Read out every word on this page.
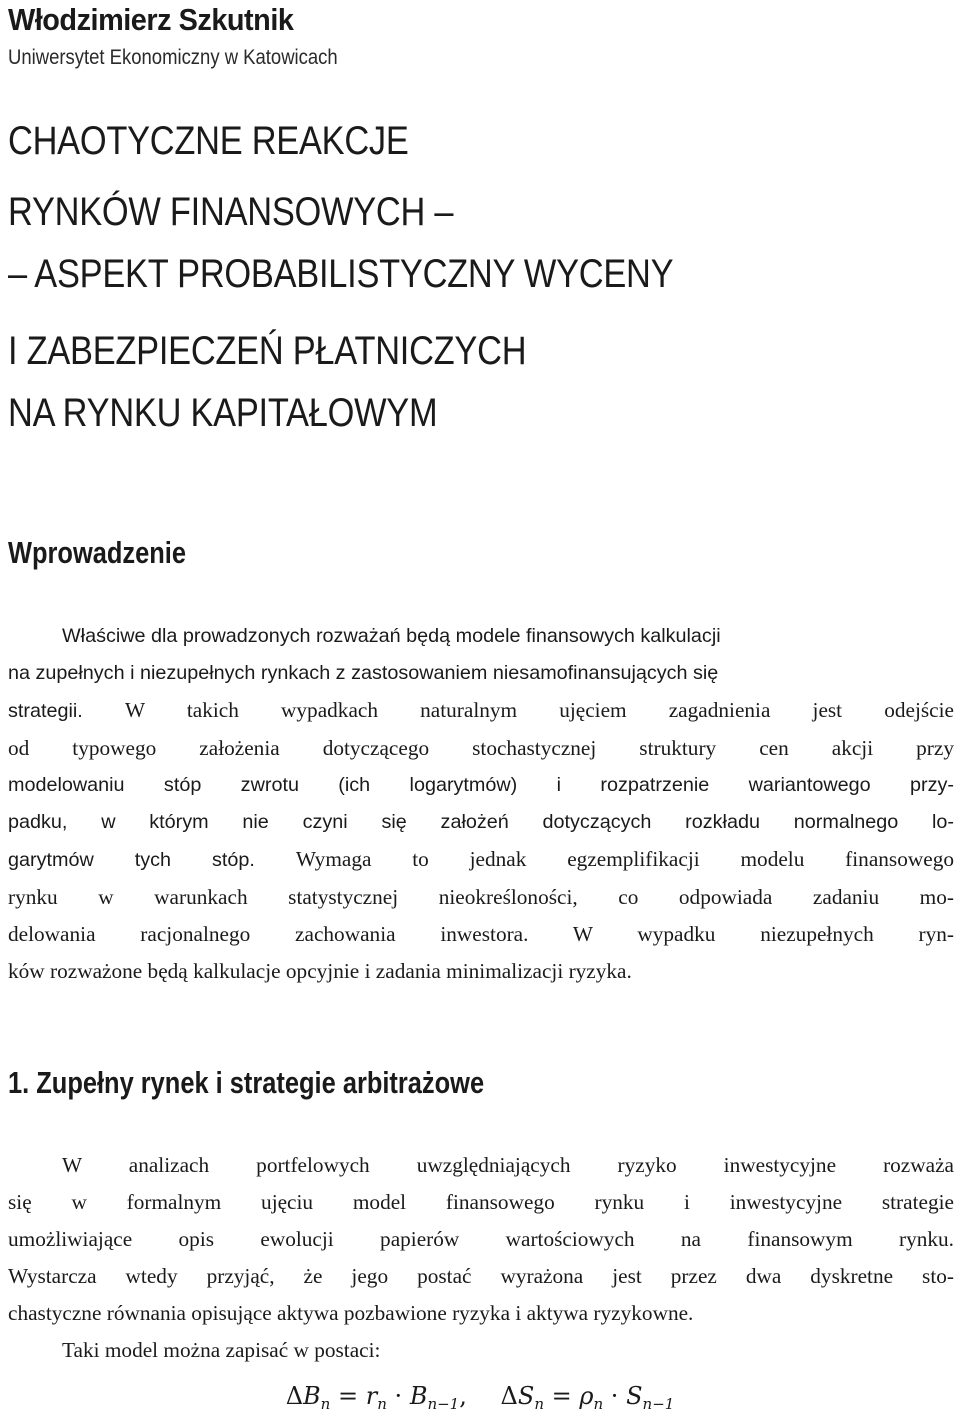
Włodzimierz Szkutnik
Uniwersytet Ekonomiczny w Katowicach
CHAOTYCZNE REAKCJE
RYNKÓW FINANSOWYCH –
– ASPEKT PROBABILISTYCZNY WYCENY
I ZABEZPIECZEŃ PŁATNICZYCH
NA RYNKU KAPITAŁOWYM
Wprowadzenie
Właściwe dla prowadzonych rozważań będą modele finansowych kalkulacji
na zupełnych i niezupełnych rynkach z zastosowaniem niesamofinansujących się
strategii. W takich wypadkach naturalnym ujęciem zagadnienia jest odejście
od typowego założenia dotyczącego stochastycznej struktury cen akcji przy
modelowaniu stóp zwrotu (ich logarytmów) i rozpatrzenie wariantowego przy-
padku, w którym nie czyni się założeń dotyczących rozkładu normalnego lo-
garytmów tych stóp. Wymaga to jednak egzemplifikacji modelu finansowego
rynku w warunkach statystycznej nieokreśloności, co odpowiada zadaniu mo-
delowania racjonalnego zachowania inwestora. W wypadku niezupełnych ryn-
ków rozważone będą kalkulacje opcyjnie i zadania minimalizacji ryzyka.
1. Zupełny rynek i strategie arbitrażowe
W analizach portfelowych uwzględniających ryzyko inwestycyjne rozważa
się w formalnym ujęciu model finansowego rynku i inwestycyjne strategie
umożliwiające opis ewolucji papierów wartościowych na finansowym rynku.
Wystarcza wtedy przyjąć, że jego postać wyrażona jest przez dwa dyskretne sto-
chastyczne równania opisujące aktywa pozbawione ryzyka i aktywa ryzykowne.
Taki model można zapisać w postaci:
$\Delta B_n = r_n \cdot B_{n-1}$, $\Delta S_n = \rho_n \cdot S_{n-1}$
